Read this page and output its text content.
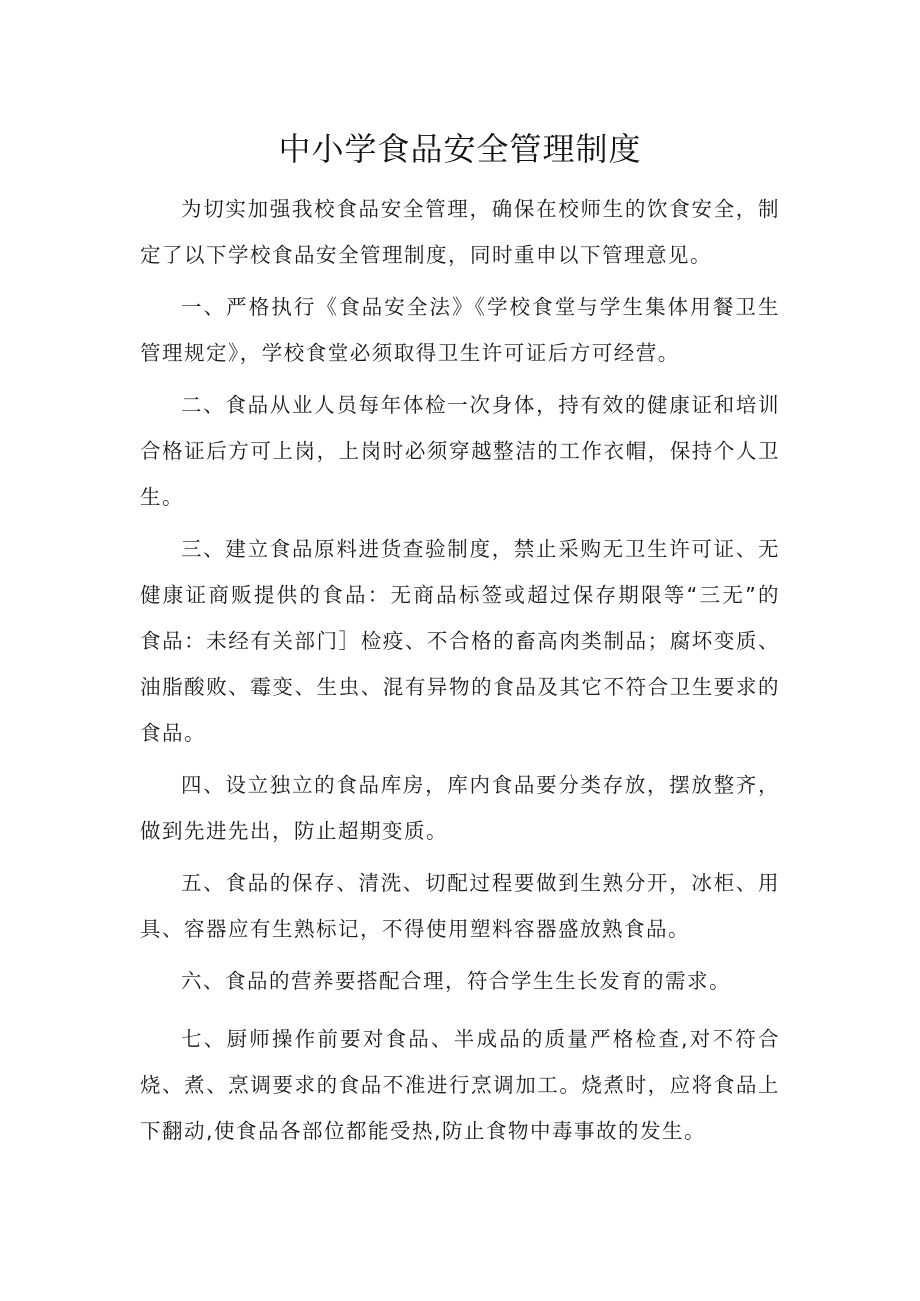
中小学食品安全管理制度

为切实加强我校食品安全管理，确保在校师生的饮食安全，制定了以下学校食品安全管理制度，同时重申以下管理意见。

一、严格执行《食品安全法》《学校食堂与学生集体用餐卫生管理规定》，学校食堂必须取得卫生许可证后方可经营。

二、食品从业人员每年体检一次身体，持有效的健康证和培训合格证后方可上岗，上岗时必须穿越整洁的工作衣帽，保持个人卫生。

三、建立食品原料进货查验制度，禁止采购无卫生许可证、无健康证商贩提供的食品：无商品标签或超过保存期限等“三无”的食品：未经有关部门］检疫、不合格的畜高肉类制品；腐坏变质、油脂酸败、霉变、生虫、混有异物的食品及其它不符合卫生要求的食品。

四、设立独立的食品库房，库内食品要分类存放，摆放整齐，做到先进先出，防止超期变质。

五、食品的保存、清洗、切配过程要做到生熟分开，冰柜、用具、容器应有生熟标记，不得使用塑料容器盛放熟食品。

六、食品的营养要搭配合理，符合学生生长发育的需求。

七、厨师操作前要对食品、半成品的质量严格检查,对不符合烧、煮、烹调要求的食品不准进行烹调加工。烧煮时，应将食品上下翻动,使食品各部位都能受热,防止食物中毒事故的发生。
